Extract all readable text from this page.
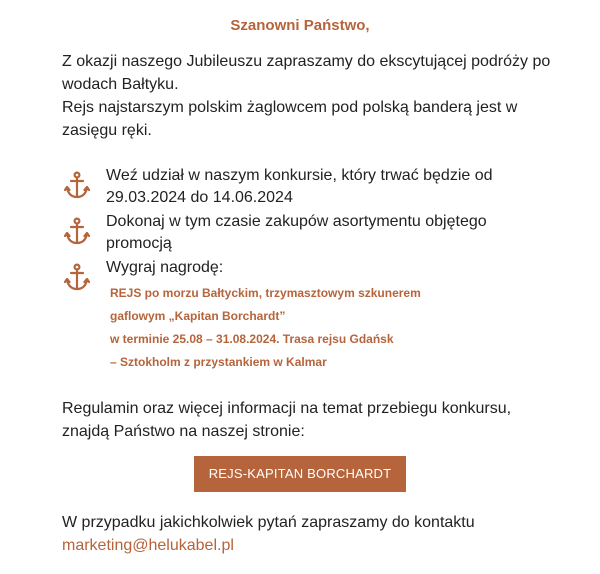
Szanowni Państwo,

Z okazji naszego Jubileuszu zapraszamy do ekscytującej podróży po wodach Bałtyku.

Rejs najstarszym polskim żaglowcem pod polską banderą jest w zasięgu ręki.

Weź udział w naszym konkursie, który trwać będzie od 29.03.2024 do 14.06.2024
Dokonaj w tym czasie zakupów asortymentu objętego promocją
Wygraj nagrodę:
REJS po morzu Bałtyckim, trzymasztowym szkunerem
gaflowym „Kapitan Borchardt”
w terminie 25.08 – 31.08.2024. Trasa rejsu Gdańsk
– Sztokholm z przystankiem w Kalmar

Regulamin oraz więcej informacji na temat przebiegu konkursu,

znajdą Państwo na naszej stronie:

REJS-KAPITAN BORCHARDT

W przypadku jakichkolwiek pytań zapraszamy do kontaktu

marketing@helukabel.pl
